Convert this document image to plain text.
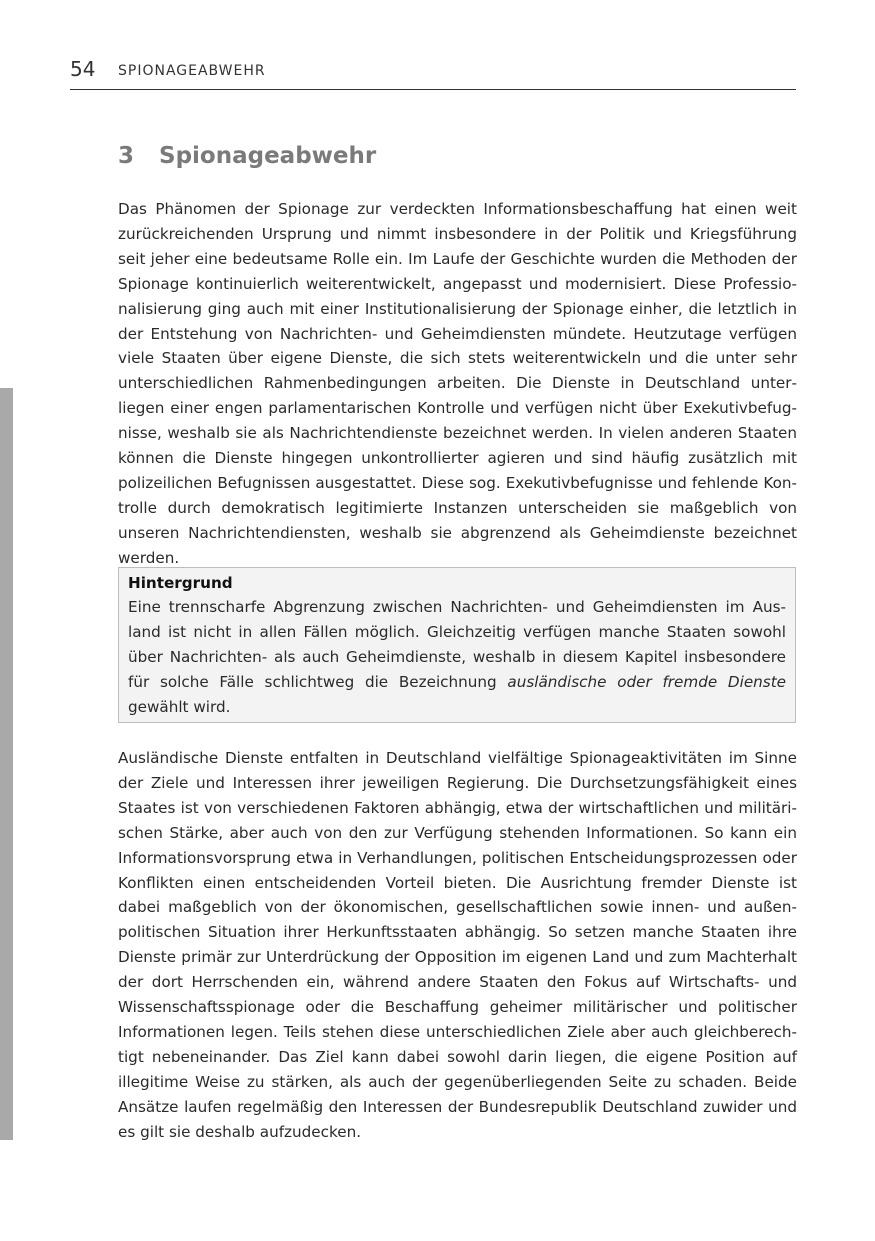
54 SPIONAGEABWEHR
3 Spionageabwehr

Das Phänomen der Spionage zur verdeckten Informationsbeschaffung hat einen weit zurückreichenden Ursprung und nimmt insbesondere in der Politik und Kriegsführung seit jeher eine bedeutsame Rolle ein. Im Laufe der Geschichte wurden die Methoden der Spionage kontinuierlich weiterentwickelt, angepasst und modernisiert. Diese Professionalisierung ging auch mit einer Institutionalisierung der Spionage einher, die letztlich in der Entstehung von Nachrichten- und Geheimdiensten mündete. Heutzutage verfügen viele Staaten über eigene Dienste, die sich stets weiterentwickeln und die unter sehr unterschiedlichen Rahmenbedingungen arbeiten. Die Dienste in Deutschland unterliegen einer engen parlamentarischen Kontrolle und verfügen nicht über Exekutivbefugnisse, weshalb sie als Nachrichtendienste bezeichnet werden. In vielen anderen Staaten können die Dienste hingegen unkontrollierter agieren und sind häufig zusätzlich mit polizeilichen Befugnissen ausgestattet. Diese sog. Exekutivbefugnisse und fehlende Kontrolle durch demokratisch legitimierte Instanzen unterscheiden sie maßgeblich von unseren Nachrichtendiensten, weshalb sie abgrenzend als Geheimdienste bezeichnet werden.

Hintergrund

Eine trennscharfe Abgrenzung zwischen Nachrichten- und Geheimdiensten im Ausland ist nicht in allen Fällen möglich. Gleichzeitig verfügen manche Staaten sowohl über Nachrichten- als auch Geheimdienste, weshalb in diesem Kapitel insbesondere für solche Fälle schlichtweg die Bezeichnung ausländische oder fremde Dienste gewählt wird.

Ausländische Dienste entfalten in Deutschland vielfältige Spionageaktivitäten im Sinne der Ziele und Interessen ihrer jeweiligen Regierung. Die Durchsetzungsfähigkeit eines Staates ist von verschiedenen Faktoren abhängig, etwa der wirtschaftlichen und militärischen Stärke, aber auch von den zur Verfügung stehenden Informationen. So kann ein Informationsvorsprung etwa in Verhandlungen, politischen Entscheidungsprozessen oder Konflikten einen entscheidenden Vorteil bieten. Die Ausrichtung fremder Dienste ist dabei maßgeblich von der ökonomischen, gesellschaftlichen sowie innen- und außenpolitischen Situation ihrer Herkunftsstaaten abhängig. So setzen manche Staaten ihre Dienste primär zur Unterdrückung der Opposition im eigenen Land und zum Machterhalt der dort Herrschenden ein, während andere Staaten den Fokus auf Wirtschafts- und Wissenschaftsspionage oder die Beschaffung geheimer militärischer und politischer Informationen legen. Teils stehen diese unterschiedlichen Ziele aber auch gleichberechtigt nebeneinander. Das Ziel kann dabei sowohl darin liegen, die eigene Position auf illegitime Weise zu stärken, als auch der gegenüberliegenden Seite zu schaden. Beide Ansätze laufen regelmäßig den Interessen der Bundesrepublik Deutschland zuwider und es gilt sie deshalb aufzudecken.
